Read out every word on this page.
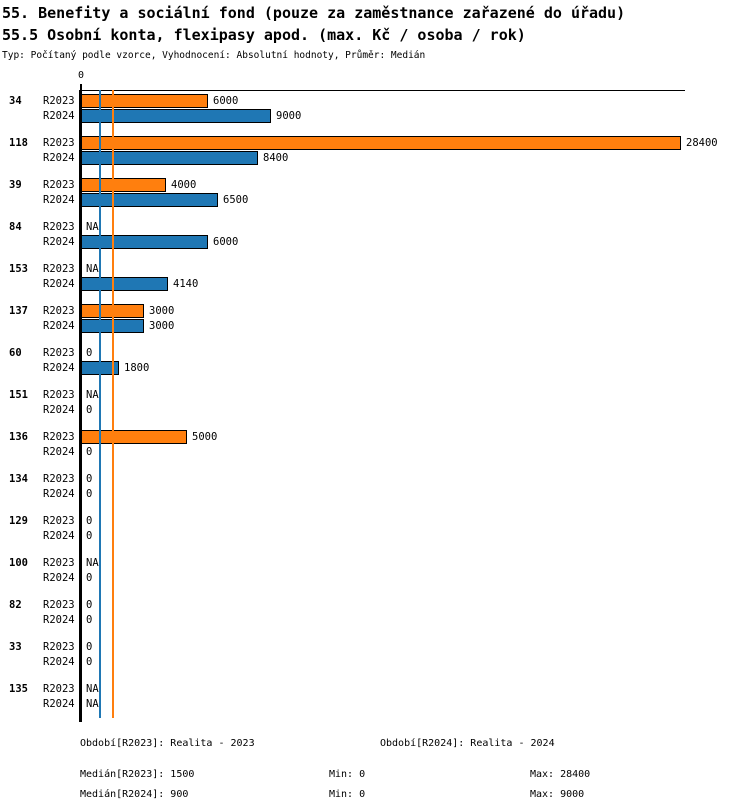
55. Benefity a sociální fond (pouze za zaměstnance zařazené do úřadu)
55.5 Osobní konta, flexipasy apod. (max. Kč / osoba / rok)
Typ: Počítaný podle vzorce, Vyhodnocení: Absolutní hodnoty, Průměr: Medián
0
34 R2023	6000
R2024	9000
118 R2023	28400
R2024	8400
39 R2023	4000
R2024	6500
84 R2023 NA
R2024	6000
153 R2023 NA
R2024	4140
137 R2023	3000
R2024	3000
60 R2023 0
R2024	1800
151 R2023 NA
R2024 0
136 R2023	5000
R2024 0
134 R2023 0
R2024 0
129 R2023 0
R2024 0
100 R2023 NA
R2024 0
82 R2023 0
R2024 0
33 R2023 0
R2024 0
135 R2023 NA
R2024 NA
Období[R2023]: Realita - 2023	Období[R2024]: Realita - 2024
Medián[R2023]: 1500	Min: 0	Max: 28400
Medián[R2024]: 900	Min: 0	Max: 9000
